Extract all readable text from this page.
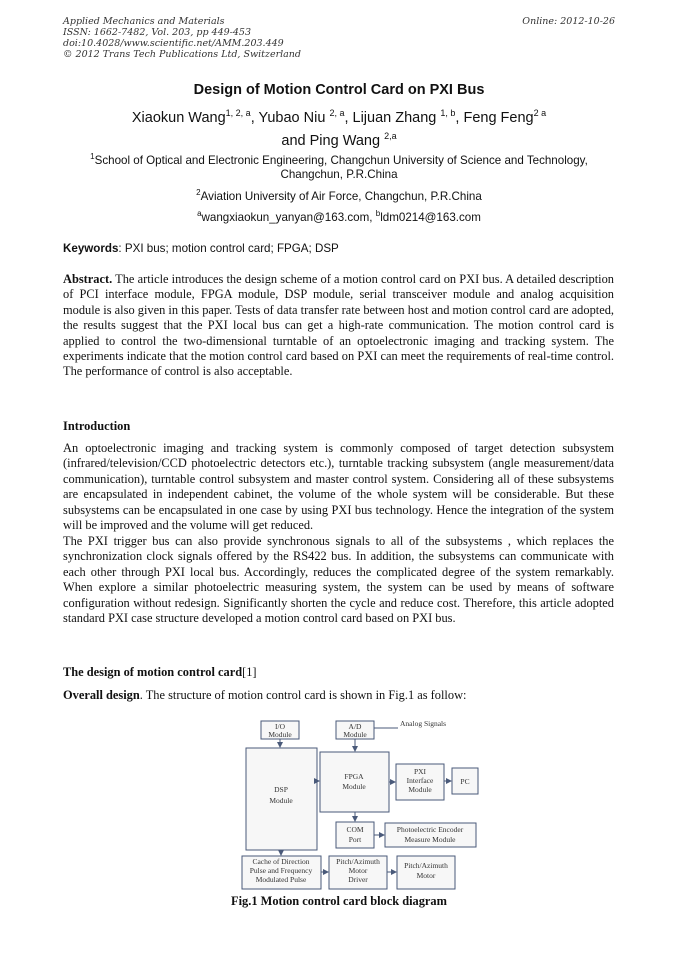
Applied Mechanics and Materials
ISSN: 1662-7482, Vol. 203, pp 449-453
doi:10.4028/www.scientific.net/AMM.203.449
© 2012 Trans Tech Publications Ltd, Switzerland
Online: 2012-10-26
Design of Motion Control Card on PXI Bus
Xiaokun Wang$^{1, 2, a}$, Yubao Niu $^{2, a}$, Lijuan Zhang $^{1, b}$, Feng Feng$^{2 a}$
and Ping Wang $^{2,a}$
$^1$School of Optical and Electronic Engineering, Changchun University of Science and Technology, Changchun, P.R.China
$^2$Aviation University of Air Force, Changchun, P.R.China
$^a$wangxiaokun_yanyan@163.com, $^b$ldm0214@163.com
Keywords: PXI bus; motion control card; FPGA; DSP
Abstract. The article introduces the design scheme of a motion control card on PXI bus. A detailed description of PCI interface module, FPGA module, DSP module, serial transceiver module and analog acquisition module is also given in this paper. Tests of data transfer rate between host and motion control card are adopted, the results suggest that the PXI local bus can get a high-rate communication. The motion control card is applied to control the two-dimensional turntable of an optoelectronic imaging and tracking system. The experiments indicate that the motion control card based on PXI can meet the requirements of real-time control. The performance of control is also acceptable.
Introduction
An optoelectronic imaging and tracking system is commonly composed of target detection subsystem (infrared/television/CCD photoelectric detectors etc.), turntable tracking subsystem (angle measurement/data communication), turntable control subsystem and master control system. Considering all of these subsystems are encapsulated in independent cabinet, the volume of the whole system will be considerable. But these subsystems can be encapsulated in one case by using PXI bus technology. Hence the integration of the system will be improved and the volume will get reduced.
The PXI trigger bus can also provide synchronous signals to all of the subsystems , which replaces the synchronization clock signals offered by the RS422 bus. In addition, the subsystems can communicate with each other through PXI local bus. Accordingly, reduces the complicated degree of the system remarkably. When explore a similar photoelectric measuring system, the system can be used by means of software configuration without redesign. Significantly shorten the cycle and reduce cost. Therefore, this article adopted standard PXI case structure developed a motion control card based on PXI bus.
The design of motion control card[1]
Overall design. The structure of motion control card is shown in Fig.1 as follow:
I/O Module
A/D Module
Analog Signals
DSP Module
FPGA Module
PXI Interface Module
PC
COM Port
Photoelectric Encoder Measure Module
Cache of Direction Pulse and Frequency Modulated Pulse
Pitch/Azimuth Motor Driver
Pitch/Azimuth Motor
Fig.1 Motion control card block diagram
